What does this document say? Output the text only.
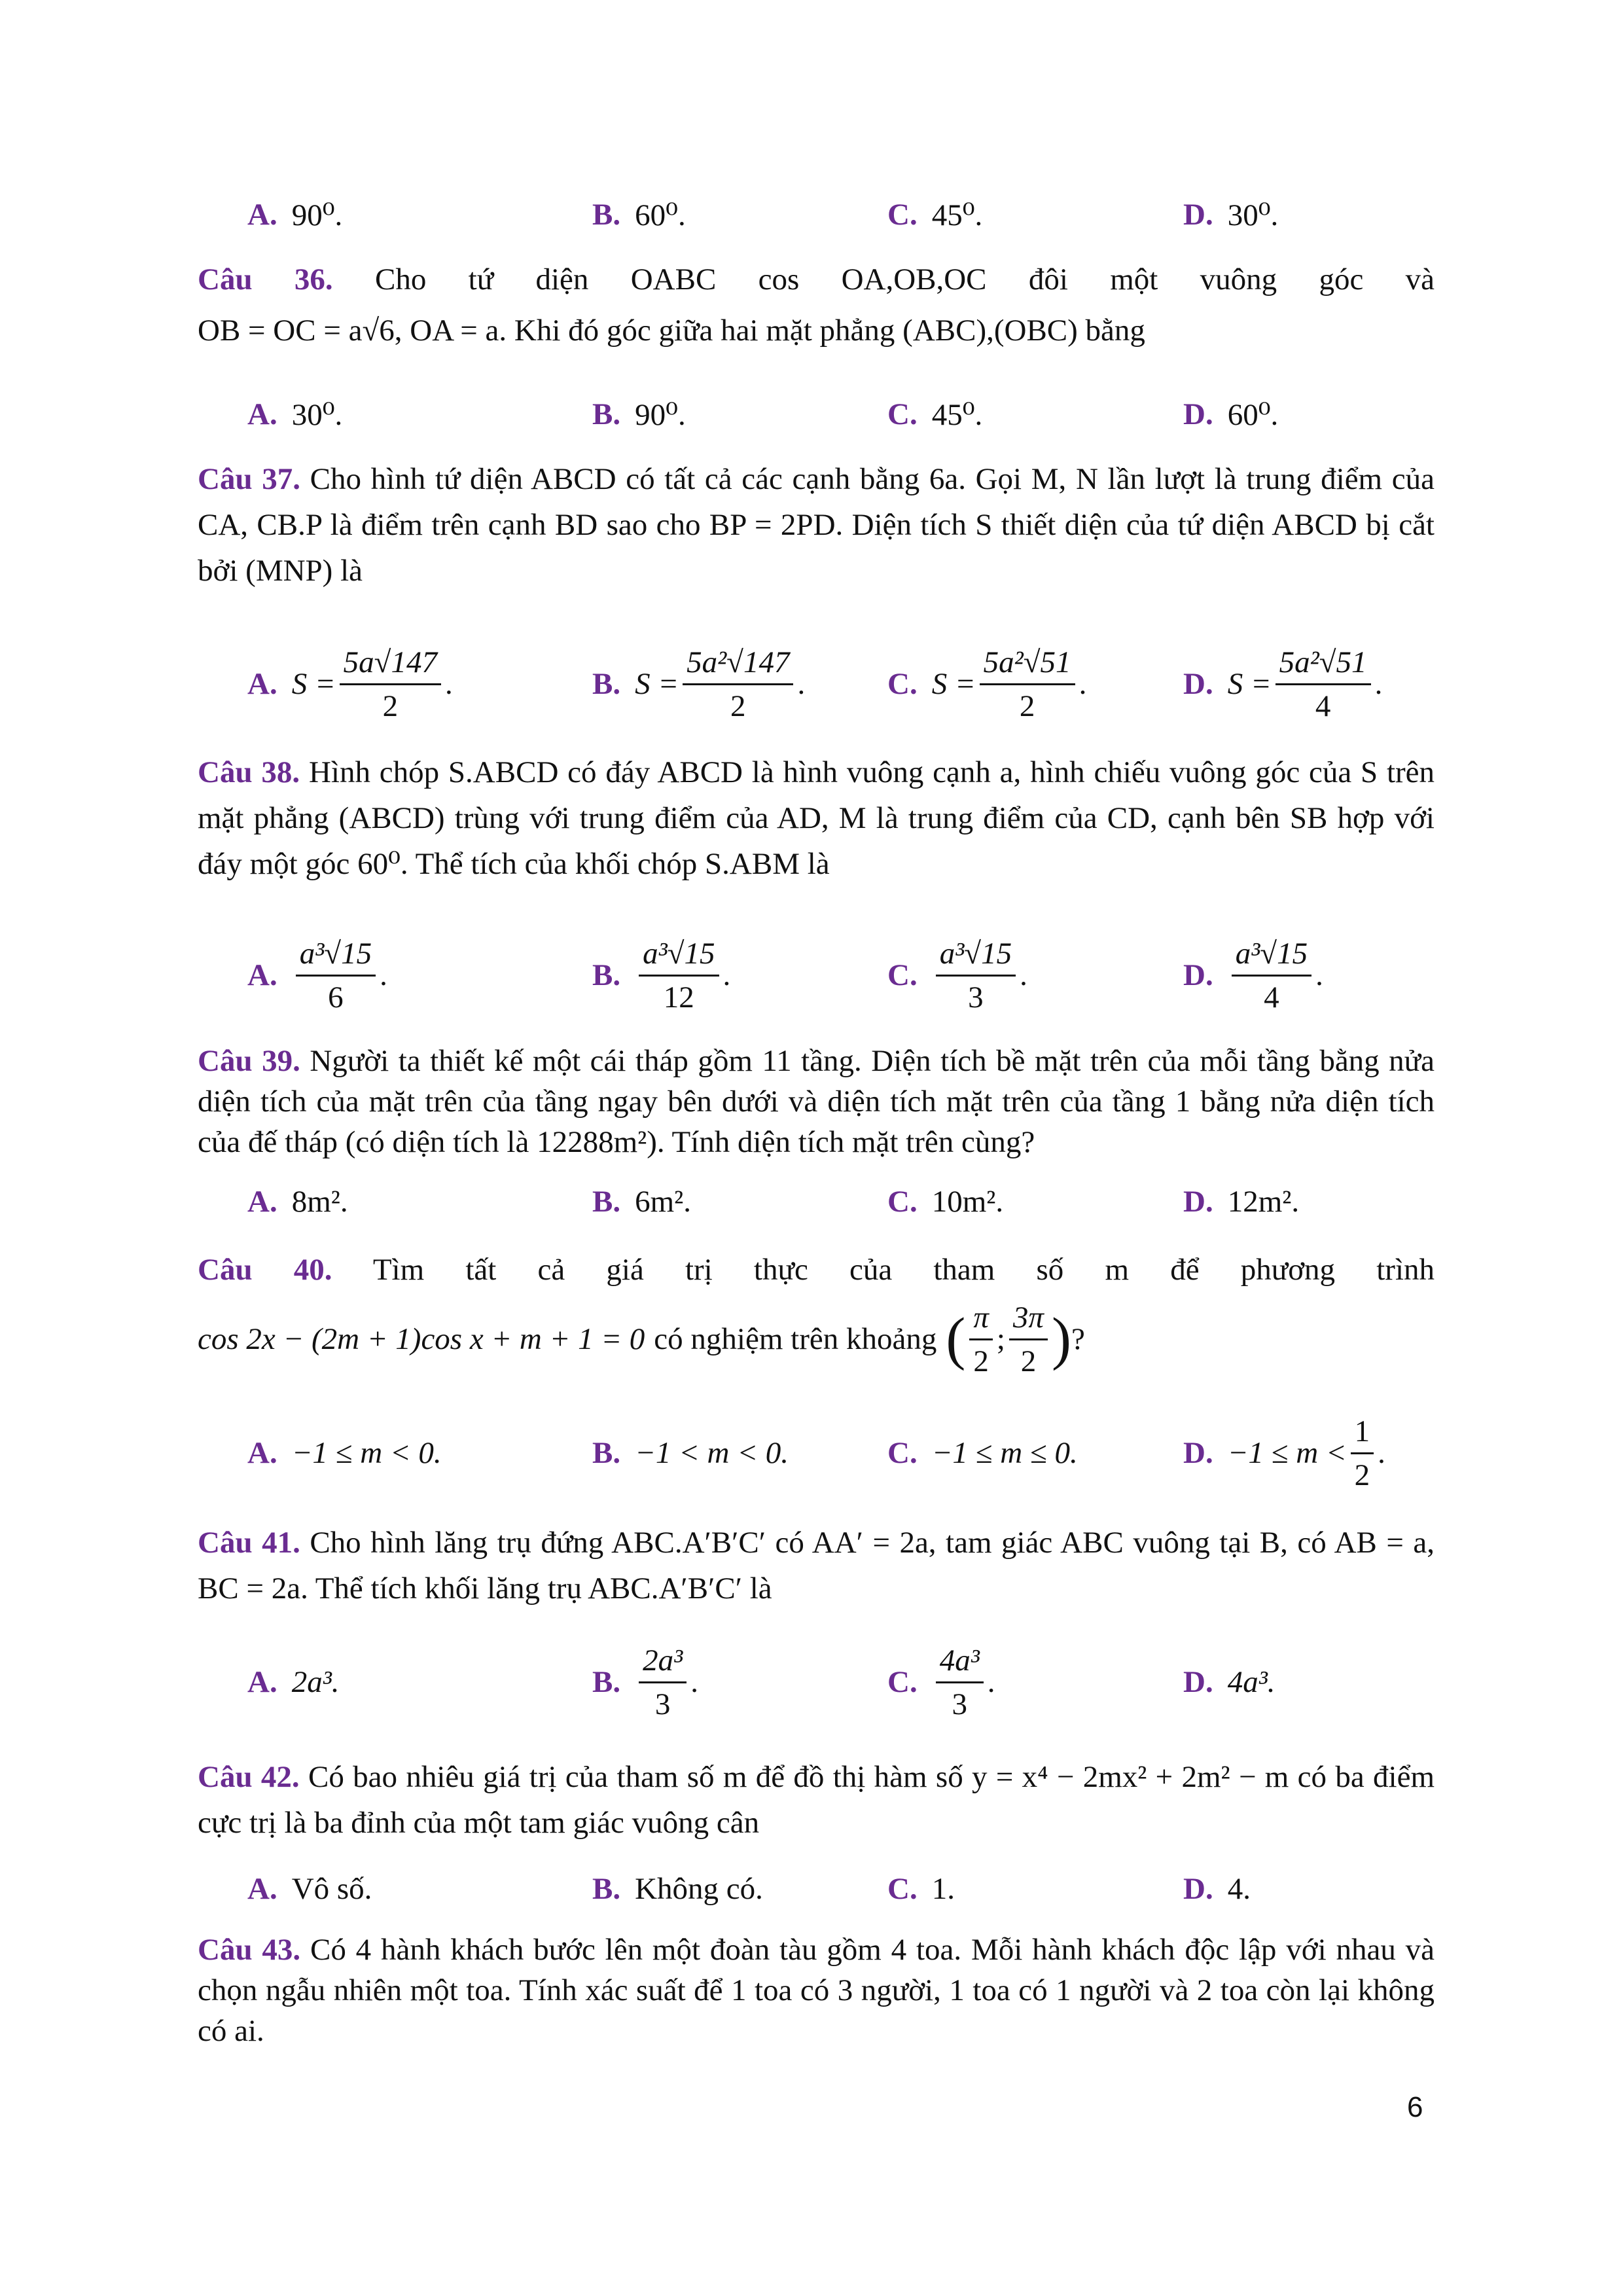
A. 90⁰.	B. 60⁰.	C. 45⁰.	D. 30⁰.
Câu 36. Cho tứ diện OABC cos OA,OB,OC đôi một vuông góc và
OB = OC = a√6, OA = a. Khi đó góc giữa hai mặt phẳng (ABC),(OBC) bằng
A. 30⁰.	B. 90⁰.	C. 45⁰.	D. 60⁰.
Câu 37. Cho hình tứ diện ABCD có tất cả các cạnh bằng 6a. Gọi M, N lần lượt là trung điểm của CA, CB.P là điểm trên cạnh BD sao cho BP = 2PD. Diện tích S thiết diện của tứ diện ABCD bị cắt bởi (MNP) là
A. $S = \frac{5a√147}{2}$ .	B. $S = \frac{\text{5a²√147}}{2}$ .	C. $S = \frac{\text{5a²√51}}{2}$ .	D. $S = \frac{\text{5a²√51}}{4}$ .
Câu 38. Hình chóp S.ABCD có đáy ABCD là hình vuông cạnh a, hình chiếu vuông góc của S trên mặt phẳng (ABCD) trùng với trung điểm của AD, M là trung điểm của CD, cạnh bên SB hợp với đáy một góc 60⁰. Thể tích của khối chóp S.ABM là
A. $\frac{\text{a³√15}}{6}$ .	B. $\frac{\text{a³√15}}{12}$ .	C. $\frac{\text{a³√15}}{3}$ .	D. $\frac{\text{a³√15}}{4}$ .
Câu 39. Người ta thiết kế một cái tháp gồm 11 tầng. Diện tích bề mặt trên của mỗi tầng bằng nửa diện tích của mặt trên của tầng ngay bên dưới và diện tích mặt trên của tầng 1 bằng nửa diện tích của đế tháp (có diện tích là 12288m²). Tính diện tích mặt trên cùng?
A. 8m².	B. 6m².	C. 10m².	D. 12m².
Câu 40. Tìm tất cả giá trị thực của tham số m để phương trình
cos 2x − (2m + 1)cos x + m + 1 = 0 có nghiệm trên khoảng ( $\frac{\pi}{2}$ ; $\frac{3\pi}{2}$ ) ?
A. −1 ≤ m < 0.	B. −1 < m < 0.	C. −1 ≤ m ≤ 0.	D. $-1 \le m < \frac{1}{2}$ .
Câu 41. Cho hình lăng trụ đứng ABC.A′B′C′ có AA′ = 2a, tam giác ABC vuông tại B, có AB = a, BC = 2a. Thể tích khối lăng trụ ABC.A′B′C′ là
A. 2a³.	B. $\frac{\text{2a³}}{3}$ .	C. $\frac{\text{4a³}}{3}$ .	D. 4a³.
Câu 42. Có bao nhiêu giá trị của tham số m để đồ thị hàm số y = x⁴ − 2mx² + 2m² − m có ba điểm cực trị là ba đỉnh của một tam giác vuông cân
A. Vô số.	B. Không có.	C. 1.	D. 4.
Câu 43. Có 4 hành khách bước lên một đoàn tàu gồm 4 toa. Mỗi hành khách độc lập với nhau và chọn ngẫu nhiên một toa. Tính xác suất để 1 toa có 3 người, 1 toa có 1 người và 2 toa còn lại không có ai.
6
